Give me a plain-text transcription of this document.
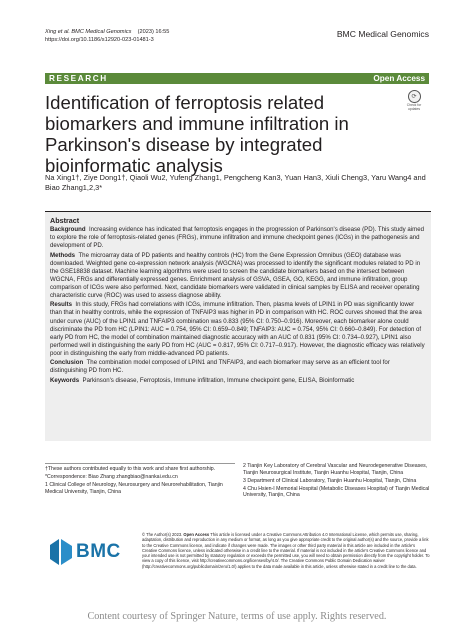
Xing et al. BMC Medical Genomics (2023) 16:55
https://doi.org/10.1186/s12920-023-01481-3
BMC Medical Genomics
RESEARCH	Open Access
Identification of ferroptosis related biomarkers and immune infiltration in Parkinson's disease by integrated bioinformatic analysis
⟳
Check for updates
Na Xing1†, Ziye Dong1†, Qiaoli Wu2, Yufeng Zhang1, Pengcheng Kan3, Yuan Han3, Xiuli Cheng3, Yaru Wang4 and Biao Zhang1,2,3*
Abstract
Background Increasing evidence has indicated that ferroptosis engages in the progression of Parkinson's disease (PD). This study aimed to explore the role of ferroptosis-related genes (FRGs), immune infiltration and immune checkpoint genes (ICGs) in the pathogenesis and development of PD.
Methods The microarray data of PD patients and healthy controls (HC) from the Gene Expression Omnibus (GEO) database was downloaded. Weighted gene co-expression network analysis (WGCNA) was processed to identify the significant modules related to PD in the GSE18838 dataset. Machine learning algorithms were used to screen the candidate biomarkers based on the intersect between WGCNA, FRGs and differentially expressed genes. Enrichment analysis of GSVA, GSEA, GO, KEGG, and immune infiltration, group comparison of ICGs were also performed. Next, candidate biomarkers were validated in clinical samples by ELISA and receiver operating characteristic curve (ROC) was used to assess diagnose ability.
Results In this study, FRGs had correlations with ICGs, immune infiltration. Then, plasma levels of LPIN1 in PD was significantly lower than that in healthy controls, while the expression of TNFAIP3 was higher in PD in comparison with HC. ROC curves showed that the area under curve (AUC) of the LPIN1 and TNFAIP3 combination was 0.833 (95% CI: 0.750–0.916). Moreover, each biomarker alone could discriminate the PD from HC (LPIN1: AUC = 0.754, 95% CI: 0.659–0.849; TNFAIP3: AUC = 0.754, 95% CI: 0.660–0.849). For detection of early PD from HC, the model of combination maintained diagnostic accuracy with an AUC of 0.831 (95% CI: 0.734–0.927), LPIN1 also performed well in distinguishing the early PD from HC (AUC = 0.817, 95% CI: 0.717–0.917). However, the diagnostic efficacy was relatively poor in distinguishing the early from middle-advanced PD patients.
Conclusion The combination model composed of LPIN1 and TNFAIP3, and each biomarker may serve as an efficient tool for distinguishing PD from HC.
Keywords Parkinson's disease, Ferroptosis, Immune infiltration, Immune checkpoint gene, ELISA, Bioinformatic

†These authors contributed equally to this work and share first authorship.

*Correspondence: Biao Zhang zhangbiao@nankai.edu.cn

1 Clinical College of Neurology, Neurosurgery and Neurorehabilitation, Tianjin Medical University, Tianjin, China

2 Tianjin Key Laboratory of Cerebral Vascular and Neurodegenerative Diseases, Tianjin Neurosurgical Institute, Tianjin Huanhu Hospital, Tianjin, China

3 Department of Clinical Laboratory, Tianjin Huanhu Hospital, Tianjin, China

4 Chu Hsien-I Memorial Hospital (Metabolic Diseases Hospital) of Tianjin Medical University, Tianjin, China

BMC
© The Author(s) 2023. Open Access This article is licensed under a Creative Commons Attribution 4.0 International License, which permits use, sharing, adaptation, distribution and reproduction in any medium or format, as long as you give appropriate credit to the original author(s) and the source, provide a link to the Creative Commons licence, and indicate if changes were made. The images or other third party material in this article are included in the article's Creative Commons licence, unless indicated otherwise in a credit line to the material. If material is not included in the article's Creative Commons licence and your intended use is not permitted by statutory regulation or exceeds the permitted use, you will need to obtain permission directly from the copyright holder. To view a copy of this licence, visit http://creativecommons.org/licenses/by/4.0/. The Creative Commons Public Domain Dedication waiver (http://creativecommons.org/publicdomain/zero/1.0/) applies to the data made available in this article, unless otherwise stated in a credit line to the data.
Content courtesy of Springer Nature, terms of use apply. Rights reserved.
